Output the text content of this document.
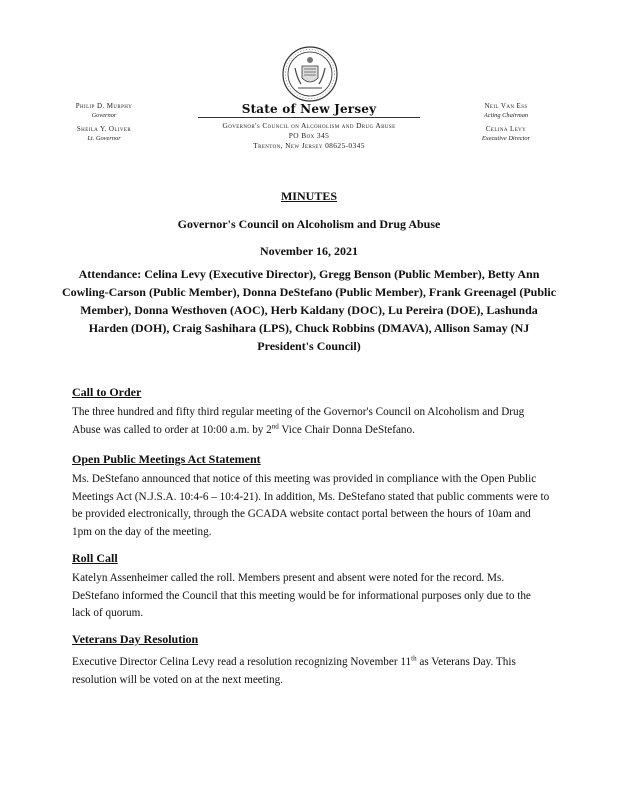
State of New Jersey
Governor's Council on Alcoholism and Drug Abuse
PO Box 345
Trenton, New Jersey 08625-0345
Philip D. Murphy
Governor
Sheila Y. Oliver
Lt. Governor
Neil Van Ess
Acting Chairman
Celina Levy
Executive Director
MINUTES
Governor's Council on Alcoholism and Drug Abuse
November 16, 2021
Attendance: Celina Levy (Executive Director), Gregg Benson (Public Member), Betty Ann Cowling-Carson (Public Member), Donna DeStefano (Public Member), Frank Greenagel (Public Member), Donna Westhoven (AOC), Herb Kaldany (DOC), Lu Pereira (DOE), Lashunda Harden (DOH), Craig Sashihara (LPS), Chuck Robbins (DMAVA), Allison Samay (NJ President's Council)
Call to Order
The three hundred and fifty third regular meeting of the Governor's Council on Alcoholism and Drug Abuse was called to order at 10:00 a.m. by 2nd Vice Chair Donna DeStefano.
Open Public Meetings Act Statement
Ms. DeStefano announced that notice of this meeting was provided in compliance with the Open Public Meetings Act (N.J.S.A. 10:4-6 – 10:4-21). In addition, Ms. DeStefano stated that public comments were to be provided electronically, through the GCADA website contact portal between the hours of 10am and 1pm on the day of the meeting.
Roll Call
Katelyn Assenheimer called the roll. Members present and absent were noted for the record. Ms. DeStefano informed the Council that this meeting would be for informational purposes only due to the lack of quorum.
Veterans Day Resolution
Executive Director Celina Levy read a resolution recognizing November 11th as Veterans Day. This resolution will be voted on at the next meeting.
